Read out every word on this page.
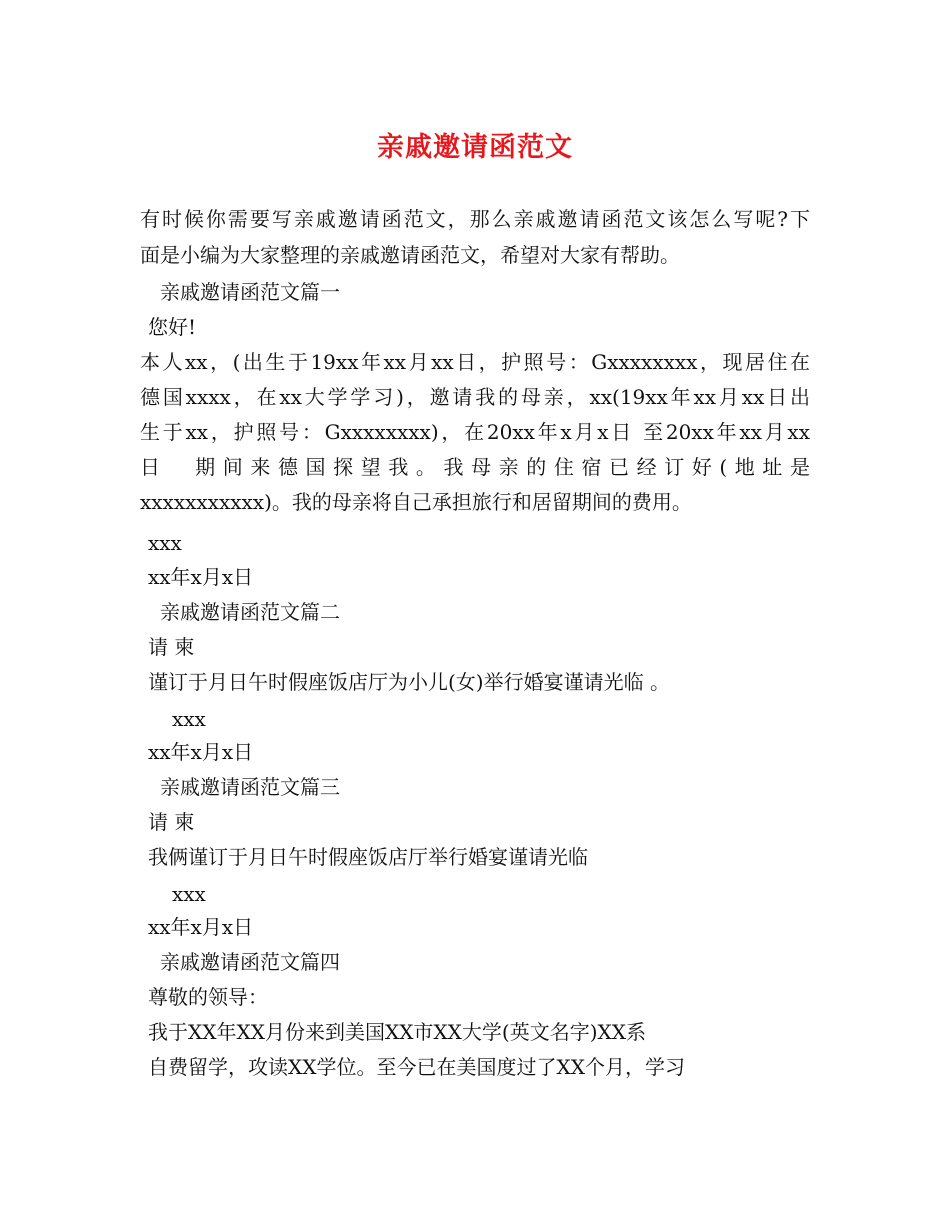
亲戚邀请函范文
有时候你需要写亲戚邀请函范文，那么亲戚邀请函范文该怎么写呢?下
面是小编为大家整理的亲戚邀请函范文，希望对大家有帮助。
亲戚邀请函范文篇一
您好!
本人xx，(出生于19xx年xx月xx日，护照号：Gxxxxxxxx，现居住在
德国xxxx，在xx大学学习)，邀请我的母亲，xx(19xx年xx月xx日出
生于xx，护照号：Gxxxxxxxx)，在20xx年x月x日 至20xx年xx月xx
日　期间来德国探望我。我母亲的住宿已经订好(地址是
xxxxxxxxxxx)。我的母亲将自己承担旅行和居留期间的费用。
xxx
xx年x月x日
亲戚邀请函范文篇二
请 柬
谨订于月日午时假座饭店厅为小儿(女)举行婚宴谨请光临 。
xxx
xx年x月x日
亲戚邀请函范文篇三
请 柬
我俩谨订于月日午时假座饭店厅举行婚宴谨请光临
xxx
xx年x月x日
亲戚邀请函范文篇四
尊敬的领导：
我于XX年XX月份来到美国XX市XX大学(英文名字)XX系
自费留学，攻读XX学位。至今已在美国度过了XX个月，学习
